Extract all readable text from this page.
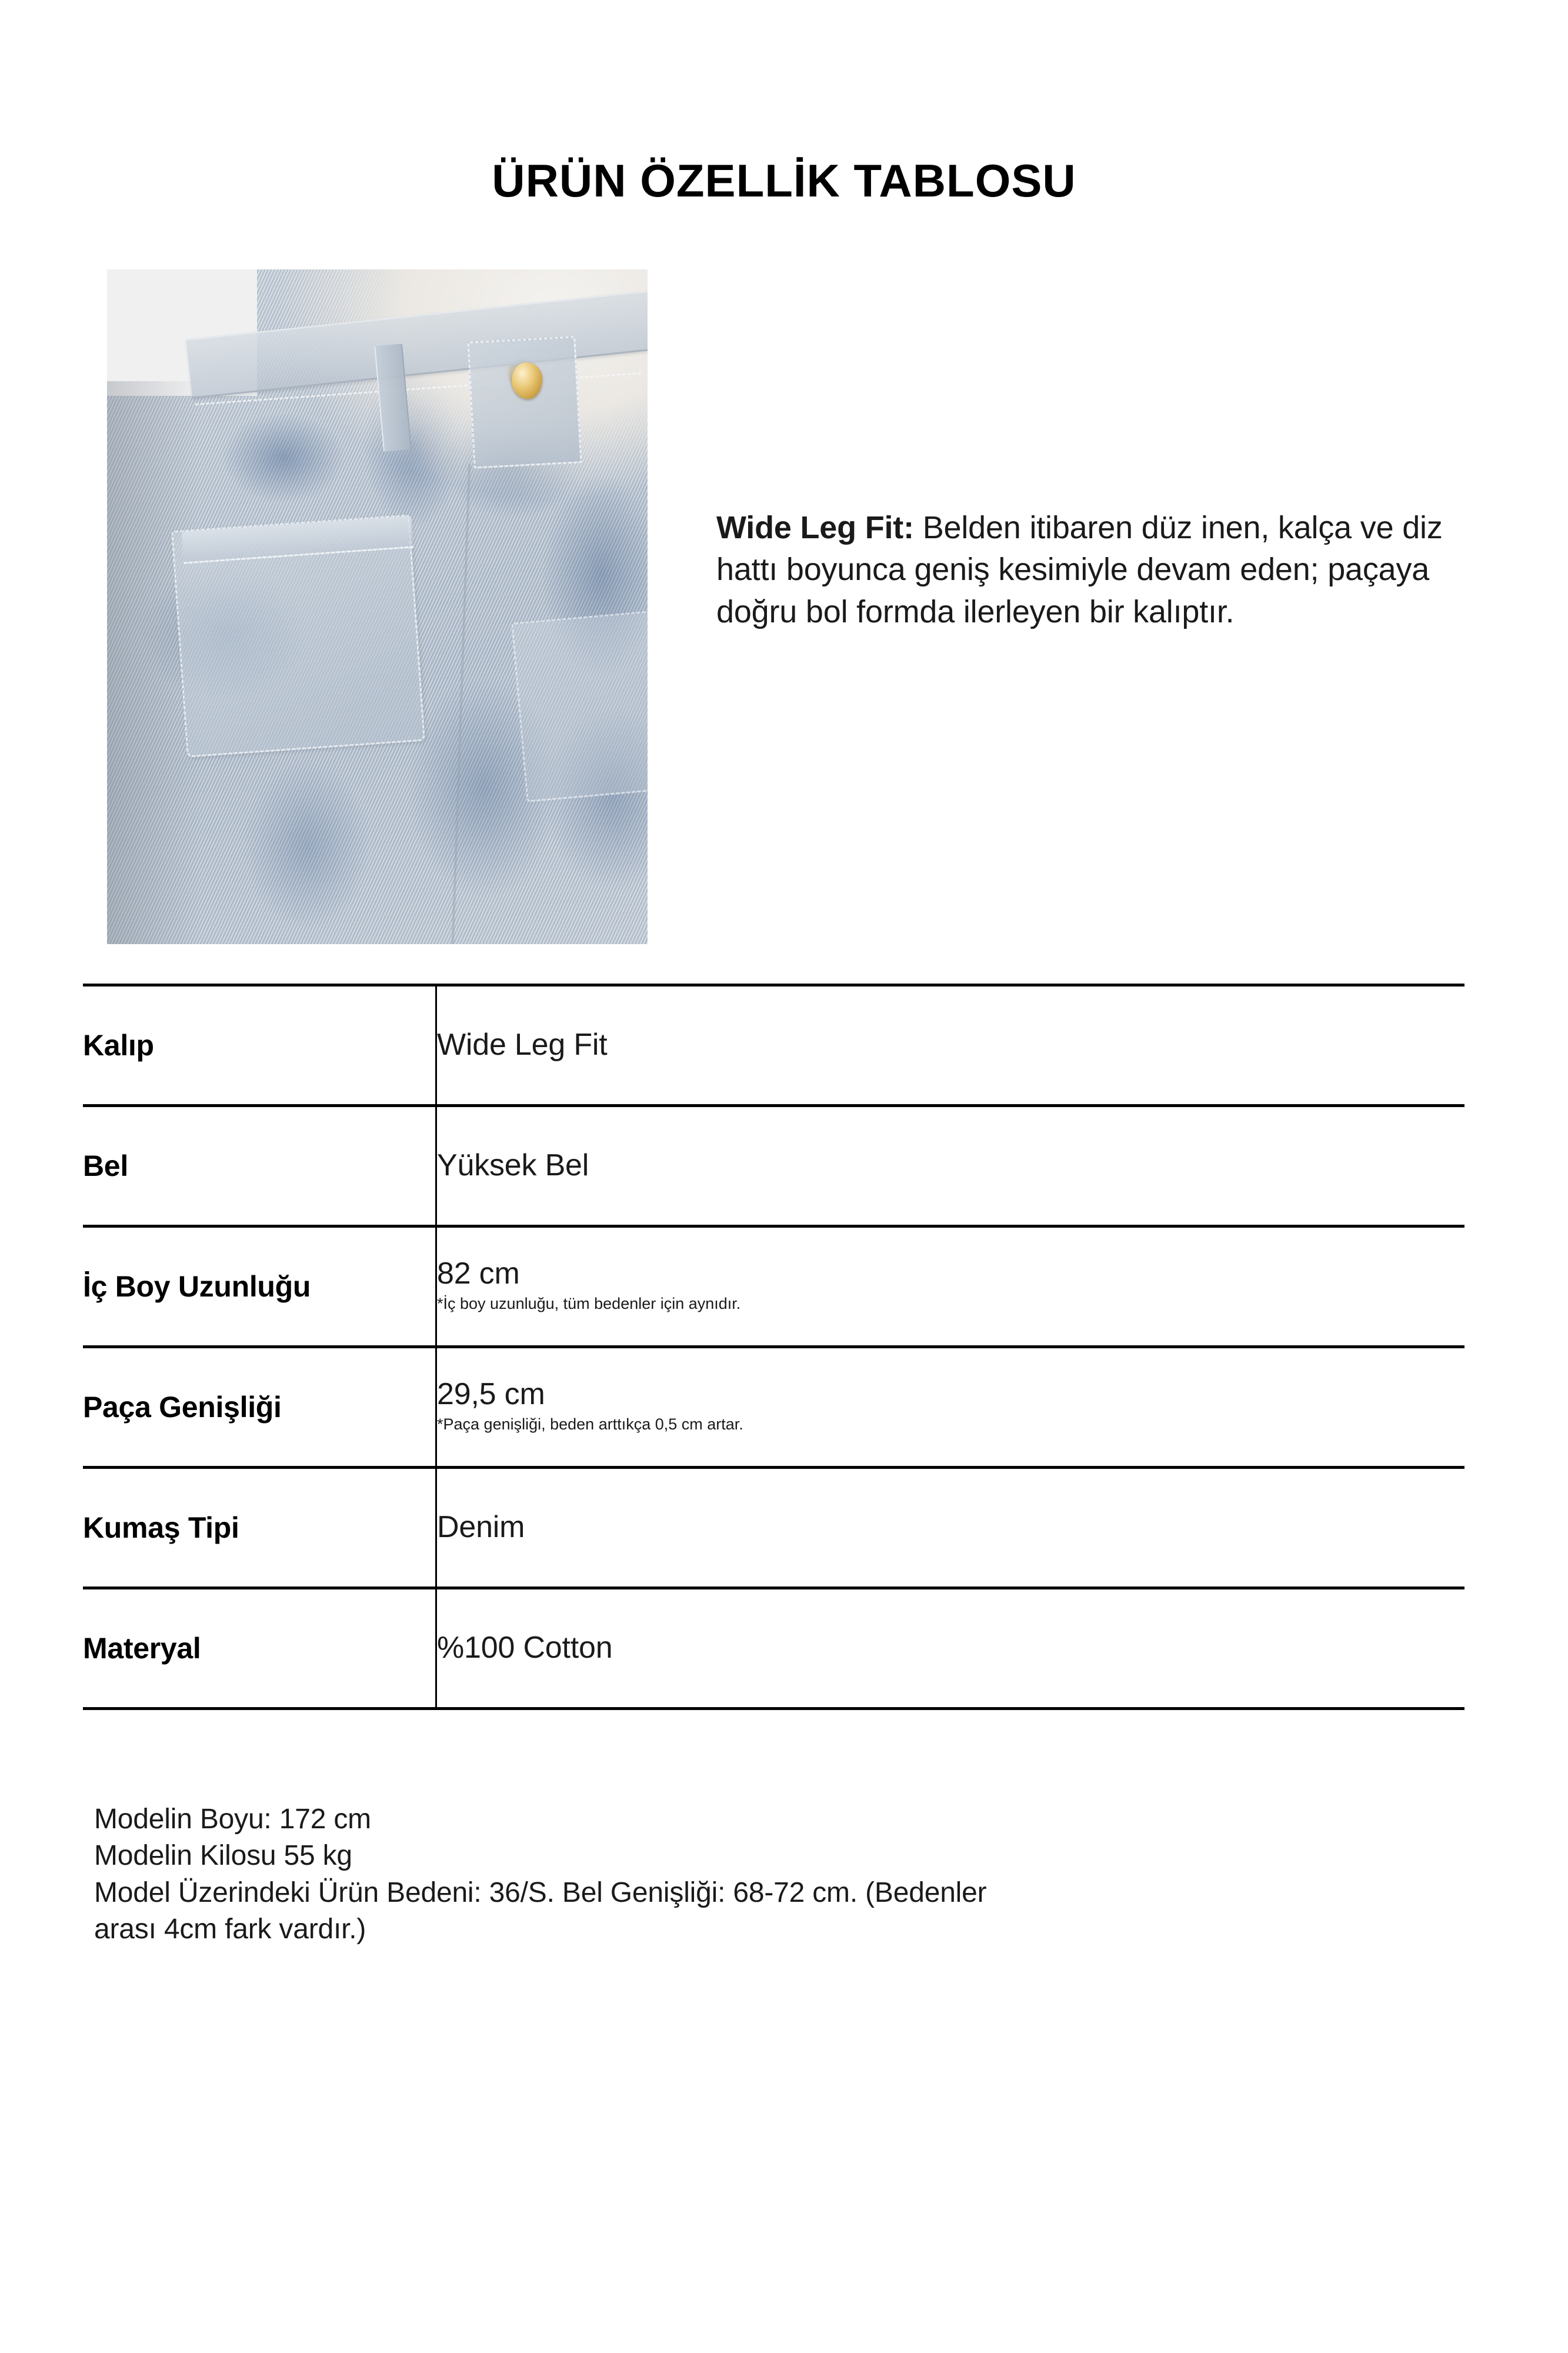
ÜRÜN ÖZELLİK TABLOSU
Wide Leg Fit: Belden itibaren düz inen, kalça ve diz hattı boyunca geniş kesimiyle devam eden; paçaya doğru bol formda ilerleyen bir kalıptır.
Kalıp	Wide Leg Fit

Bel	Yüksek Bel

İç Boy Uzunluğu	82 cm
*İç boy uzunluğu, tüm bedenler için aynıdır.

Paça Genişliği	29,5 cm
*Paça genişliği, beden arttıkça 0,5 cm artar.

Kumaş Tipi	Denim

Materyal	%100 Cotton
Modelin Boyu: 172 cm
Modelin Kilosu 55 kg
Model Üzerindeki Ürün Bedeni: 36/S. Bel Genişliği: 68-72 cm. (Bedenler
arası 4cm fark vardır.)
